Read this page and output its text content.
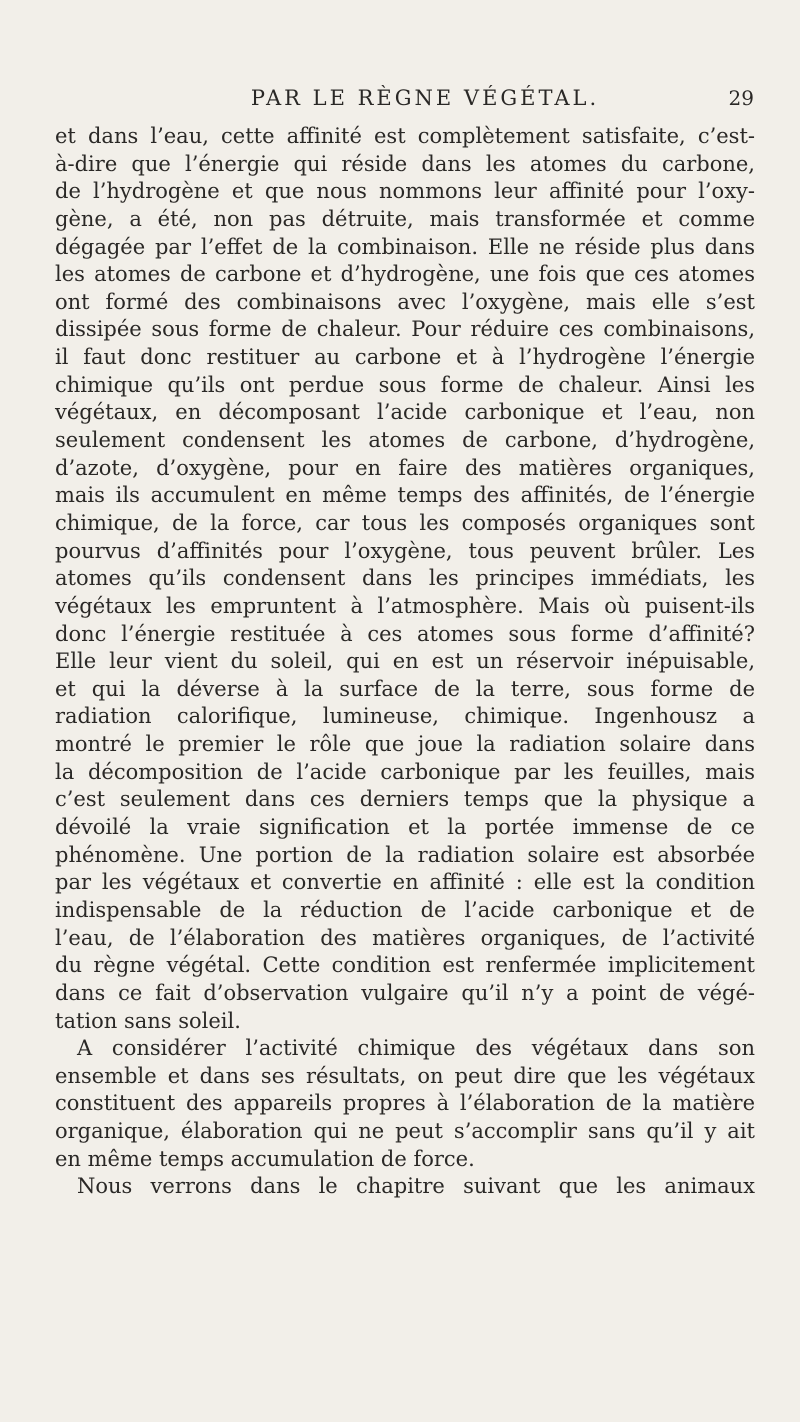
PAR LE RÈGNE VÉGÉTAL.	29
et dans l’eau, cette affinité est complètement satisfaite, c’est-
à-dire que l’énergie qui réside dans les atomes du carbone,
de l’hydrogène et que nous nommons leur affinité pour l’oxy-
gène, a été, non pas détruite, mais transformée et comme
dégagée par l’effet de la combinaison. Elle ne réside plus dans
les atomes de carbone et d’hydrogène, une fois que ces atomes
ont formé des combinaisons avec l’oxygène, mais elle s’est
dissipée sous forme de chaleur. Pour réduire ces combinaisons,
il faut donc restituer au carbone et à l’hydrogène l’énergie
chimique qu’ils ont perdue sous forme de chaleur. Ainsi les
végétaux, en décomposant l’acide carbonique et l’eau, non
seulement condensent les atomes de carbone, d’hydrogène,
d’azote, d’oxygène, pour en faire des matières organiques,
mais ils accumulent en même temps des affinités, de l’énergie
chimique, de la force, car tous les composés organiques sont
pourvus d’affinités pour l’oxygène, tous peuvent brûler. Les
atomes qu’ils condensent dans les principes immédiats, les
végétaux les empruntent à l’atmosphère. Mais où puisent-ils
donc l’énergie restituée à ces atomes sous forme d’affinité?
Elle leur vient du soleil, qui en est un réservoir inépuisable,
et qui la déverse à la surface de la terre, sous forme de
radiation calorifique, lumineuse, chimique. Ingenhousz a
montré le premier le rôle que joue la radiation solaire dans
la décomposition de l’acide carbonique par les feuilles, mais
c’est seulement dans ces derniers temps que la physique a
dévoilé la vraie signification et la portée immense de ce
phénomène. Une portion de la radiation solaire est absorbée
par les végétaux et convertie en affinité : elle est la condition
indispensable de la réduction de l’acide carbonique et de
l’eau, de l’élaboration des matières organiques, de l’activité
du règne végétal. Cette condition est renfermée implicitement
dans ce fait d’observation vulgaire qu’il n’y a point de végé-
tation sans soleil.
A considérer l’activité chimique des végétaux dans son
ensemble et dans ses résultats, on peut dire que les végétaux
constituent des appareils propres à l’élaboration de la matière
organique, élaboration qui ne peut s’accomplir sans qu’il y ait
en même temps accumulation de force.
Nous verrons dans le chapitre suivant que les animaux
